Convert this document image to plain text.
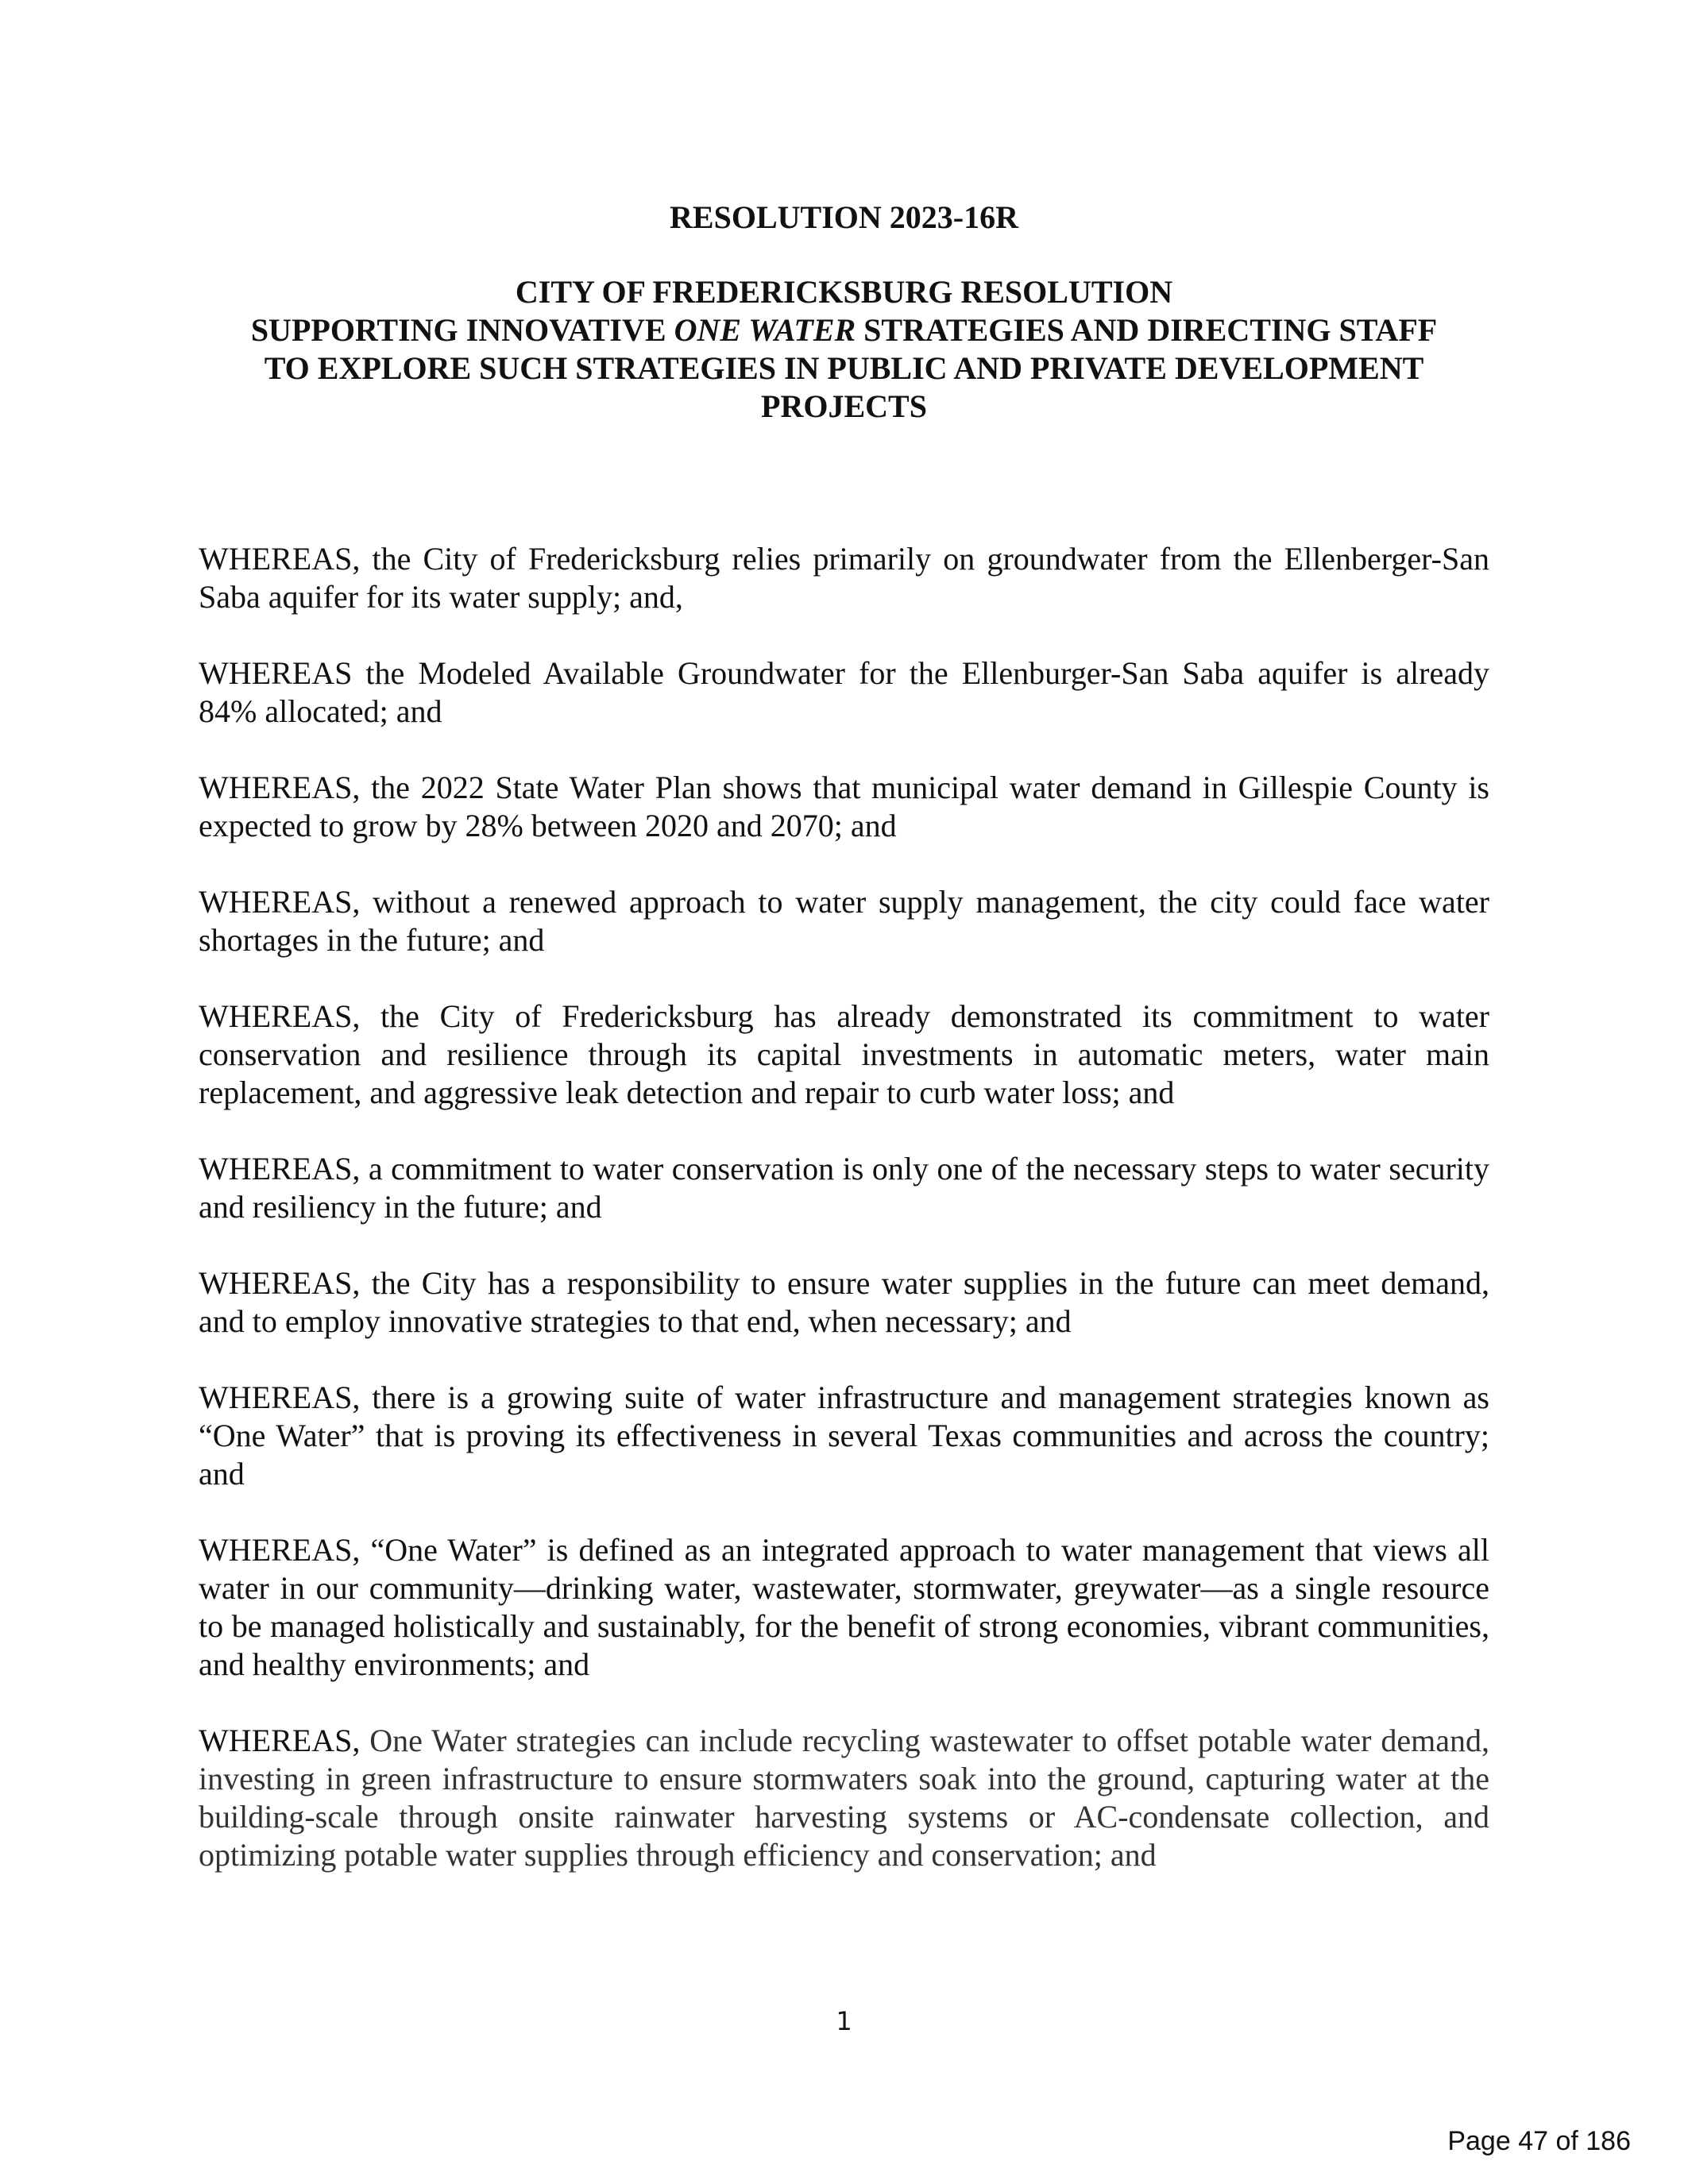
RESOLUTION 2023-16R
CITY OF FREDERICKSBURG RESOLUTION
SUPPORTING INNOVATIVE ONE WATER STRATEGIES AND DIRECTING STAFF
TO EXPLORE SUCH STRATEGIES IN PUBLIC AND PRIVATE DEVELOPMENT
PROJECTS

WHEREAS, the City of Fredericksburg relies primarily on groundwater from the Ellenberger-San Saba aquifer for its water supply; and,

WHEREAS the Modeled Available Groundwater for the Ellenburger-San Saba aquifer is already 84% allocated; and

WHEREAS, the 2022 State Water Plan shows that municipal water demand in Gillespie County is expected to grow by 28% between 2020 and 2070; and

WHEREAS, without a renewed approach to water supply management, the city could face water shortages in the future; and

WHEREAS, the City of Fredericksburg has already demonstrated its commitment to water conservation and resilience through its capital investments in automatic meters, water main replacement, and aggressive leak detection and repair to curb water loss; and

WHEREAS, a commitment to water conservation is only one of the necessary steps to water security and resiliency in the future; and

WHEREAS, the City has a responsibility to ensure water supplies in the future can meet demand, and to employ innovative strategies to that end, when necessary; and

WHEREAS, there is a growing suite of water infrastructure and management strategies known as “One Water” that is proving its effectiveness in several Texas communities and across the country; and

WHEREAS, “One Water” is defined as an integrated approach to water management that views all water in our community—drinking water, wastewater, stormwater, greywater—as a single resource to be managed holistically and sustainably, for the benefit of strong economies, vibrant communities, and healthy environments; and

WHEREAS, One Water strategies can include recycling wastewater to offset potable water demand, investing in green infrastructure to ensure stormwaters soak into the ground, capturing water at the building-scale through onsite rainwater harvesting systems or AC-condensate collection, and optimizing potable water supplies through efficiency and conservation; and

1
Page 47 of 186
